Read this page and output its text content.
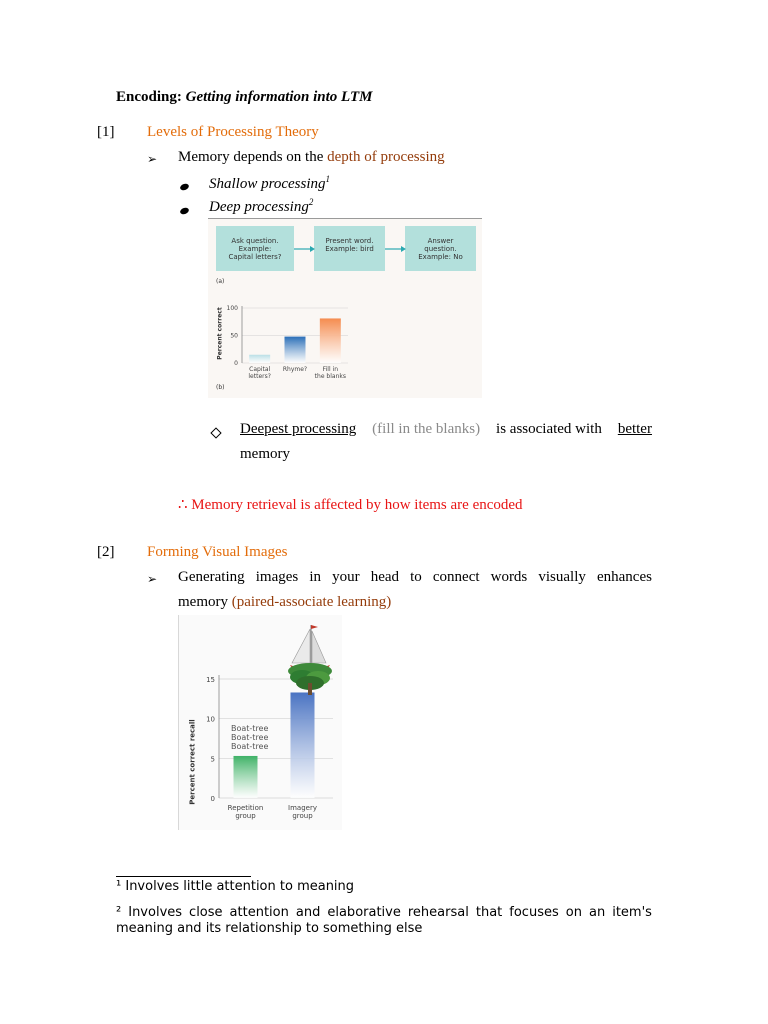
Encoding: Getting information into LTM
[1] Levels of Processing Theory
➢ Memory depends on the depth of processing
Shallow processing$^1$
Deep processing$^2$
Ask question. Example: Capital letters?
Present word. Example: bird
Answer question. Example: No
(a)
0
50
100
Capital
letters?
Rhyme?	Fill in
the blanks
Percent correct
(b)
Deepest processing (fill in the blanks) is associated with better
memory
∴ Memory retrieval is affected by how items are encoded
[2] Forming Visual Images
➢ Generating images in your head to connect words visually enhances
memory (paired-associate learning)
0
5
10
15
Repetition
group
Imagery
group
Percent correct recall	Boat-tree
Boat-tree
Boat-tree
¹ Involves little attention to meaning
² Involves close attention and elaborative rehearsal that focuses on an item's
meaning and its relationship to something else
